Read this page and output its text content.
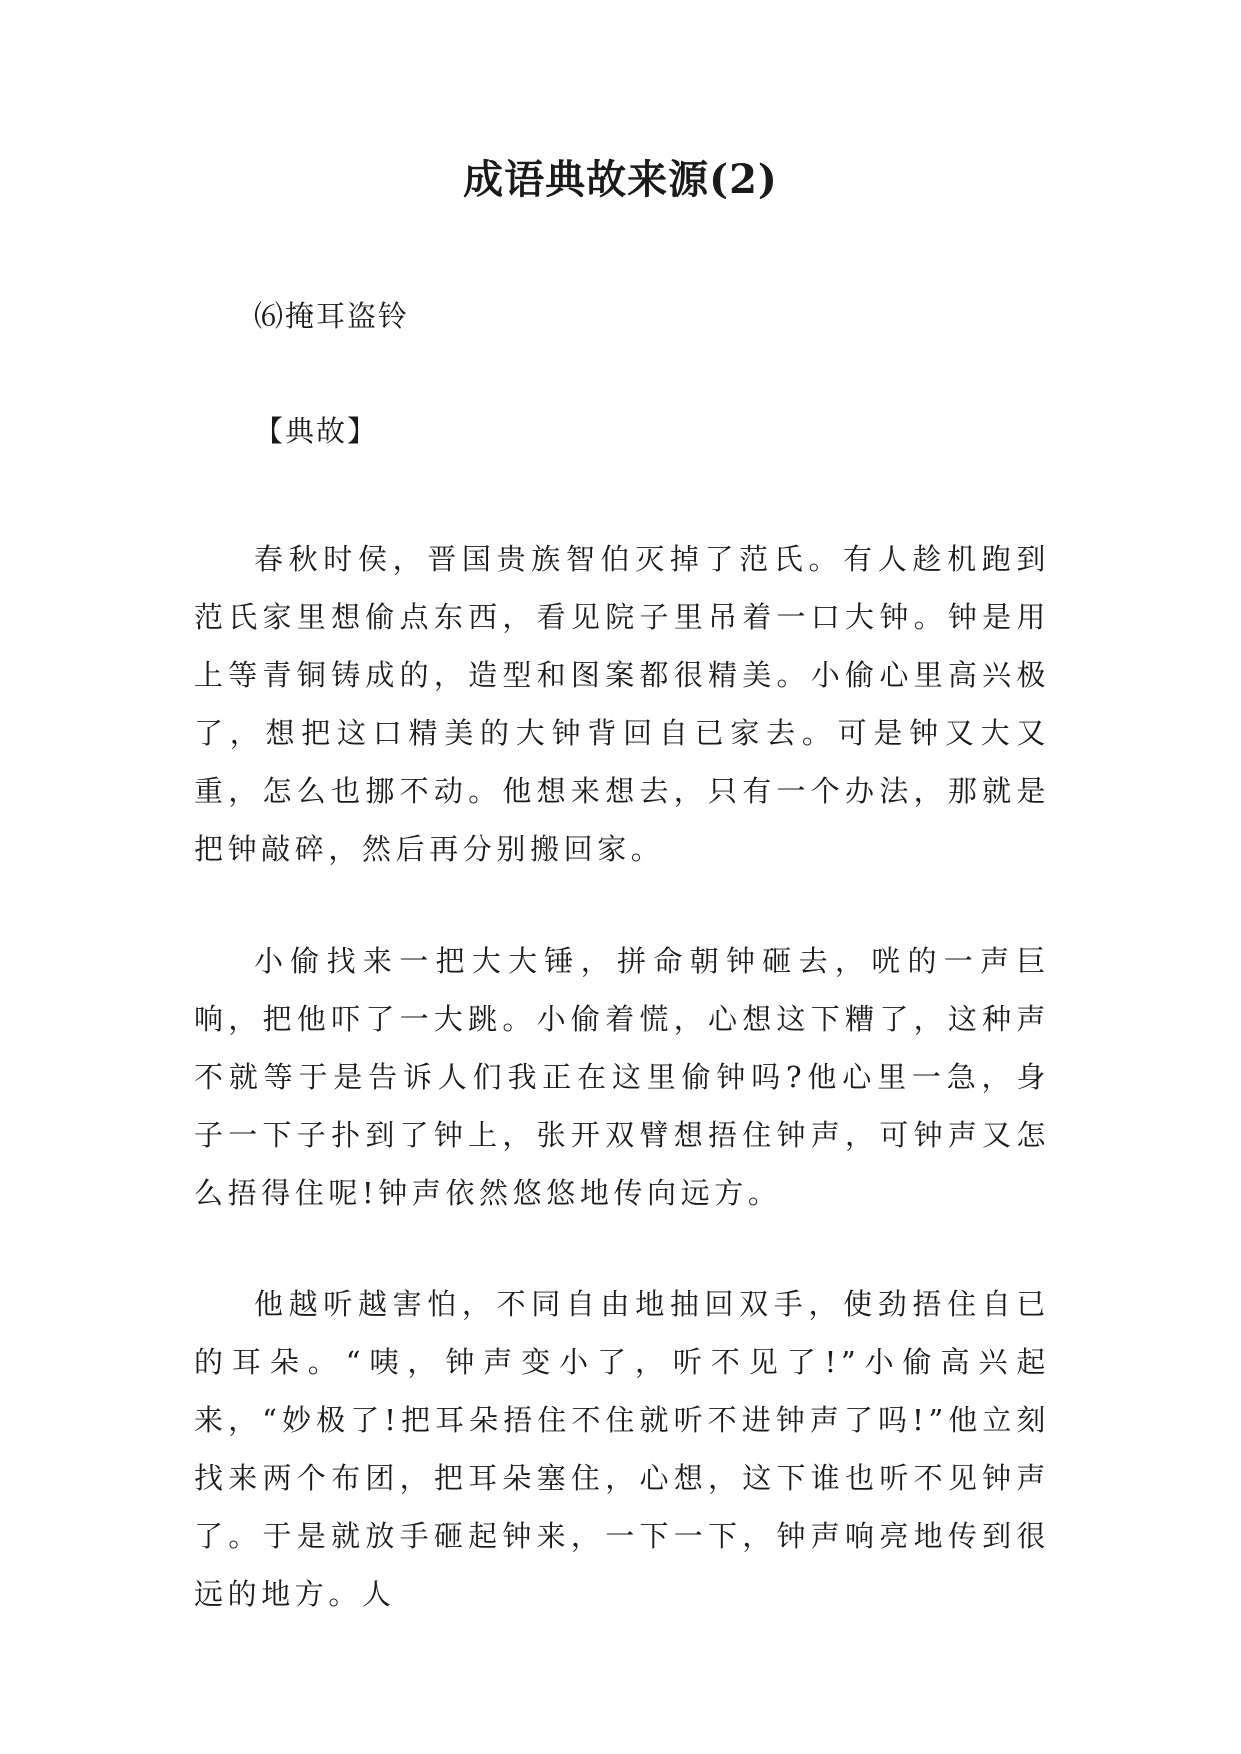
成语典故来源(2)

⑹掩耳盗铃

【典故】

春秋时侯，晋国贵族智伯灭掉了范氏。有人趁机跑到范氏家里想偷点东西，看见院子里吊着一口大钟。钟是用上等青铜铸成的，造型和图案都很精美。小偷心里高兴极了，想把这口精美的大钟背回自已家去。可是钟又大又重，怎么也挪不动。他想来想去，只有一个办法，那就是把钟敲碎，然后再分别搬回家。

小偷找来一把大大锤，拼命朝钟砸去，咣的一声巨响，把他吓了一大跳。小偷着慌，心想这下糟了，这种声不就等于是告诉人们我正在这里偷钟吗?他心里一急，身子一下子扑到了钟上，张开双臂想捂住钟声，可钟声又怎么捂得住呢!钟声依然悠悠地传向远方。

他越听越害怕，不同自由地抽回双手，使劲捂住自已的耳朵。“咦，钟声变小了，听不见了!”小偷高兴起来，“妙极了!把耳朵捂住不住就听不进钟声了吗!”他立刻找来两个布团，把耳朵塞住，心想，这下谁也听不见钟声了。于是就放手砸起钟来，一下一下，钟声响亮地传到很远的地方。人
